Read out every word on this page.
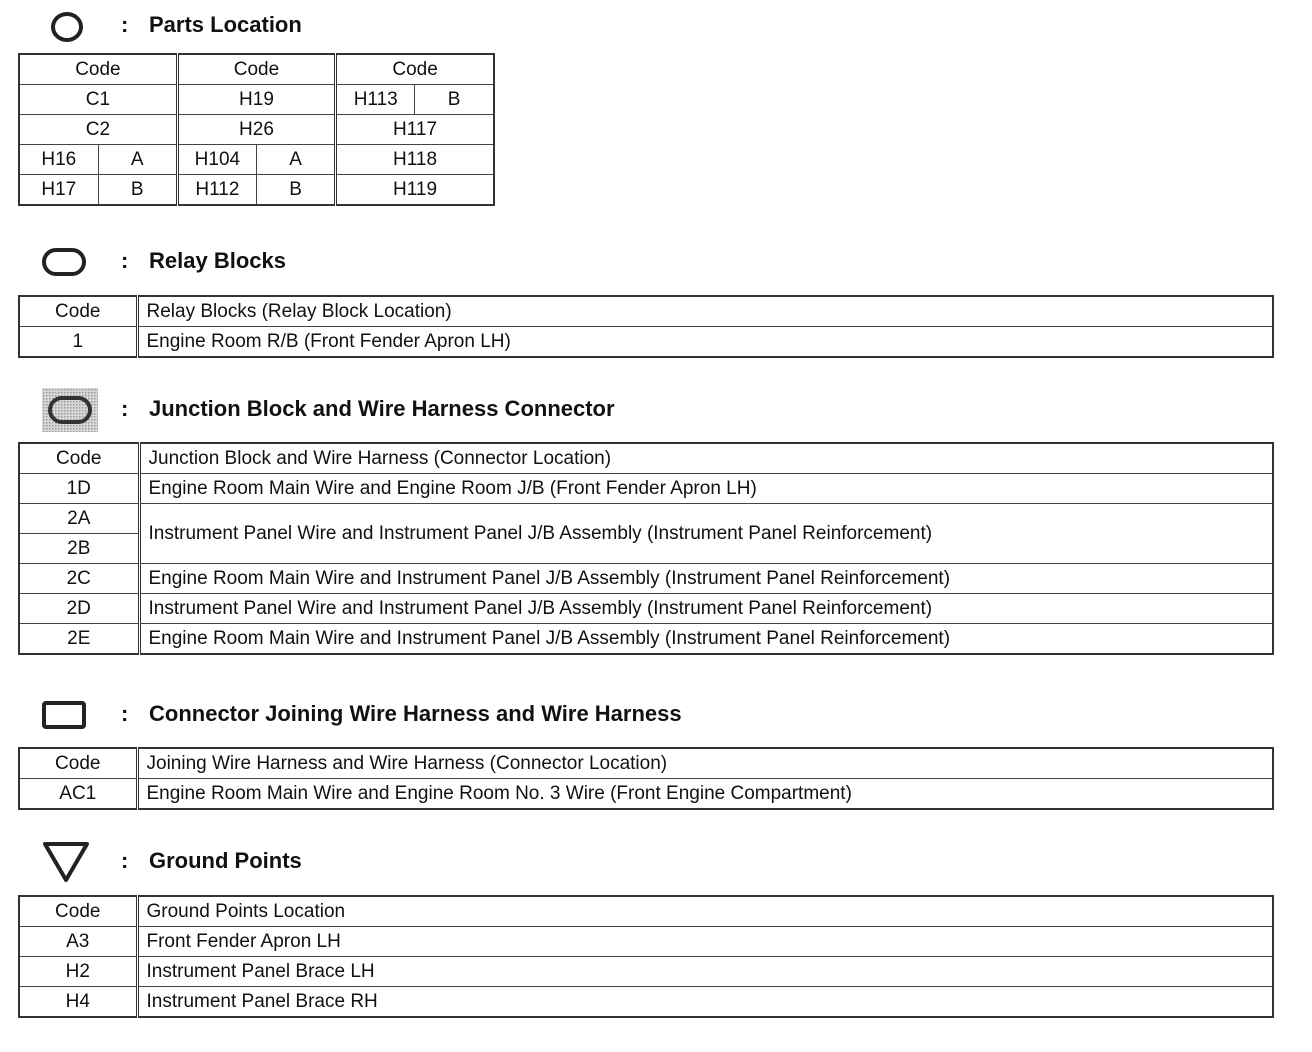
: Parts Location
Code		Code		Code	
C1		H19		H113	B
C2		H26		H117	
H16	A	H104	A	H118	
H17	B	H112	B	H119	
: Relay Blocks
Code	Relay Blocks (Relay Block Location)
1	Engine Room R/B (Front Fender Apron LH)
: Junction Block and Wire Harness Connector
Code	Junction Block and Wire Harness (Connector Location)
1D	Engine Room Main Wire and Engine Room J/B (Front Fender Apron LH)
2A	Instrument Panel Wire and Instrument Panel J/B Assembly (Instrument Panel Reinforcement)
2B	
2C	Engine Room Main Wire and Instrument Panel J/B Assembly (Instrument Panel Reinforcement)
2D	Instrument Panel Wire and Instrument Panel J/B Assembly (Instrument Panel Reinforcement)
2E	Engine Room Main Wire and Instrument Panel J/B Assembly (Instrument Panel Reinforcement)
: Connector Joining Wire Harness and Wire Harness
Code	Joining Wire Harness and Wire Harness (Connector Location)
AC1	Engine Room Main Wire and Engine Room No. 3 Wire (Front Engine Compartment)
: Ground Points
Code	Ground Points Location
A3	Front Fender Apron LH
H2	Instrument Panel Brace LH
H4	Instrument Panel Brace RH
